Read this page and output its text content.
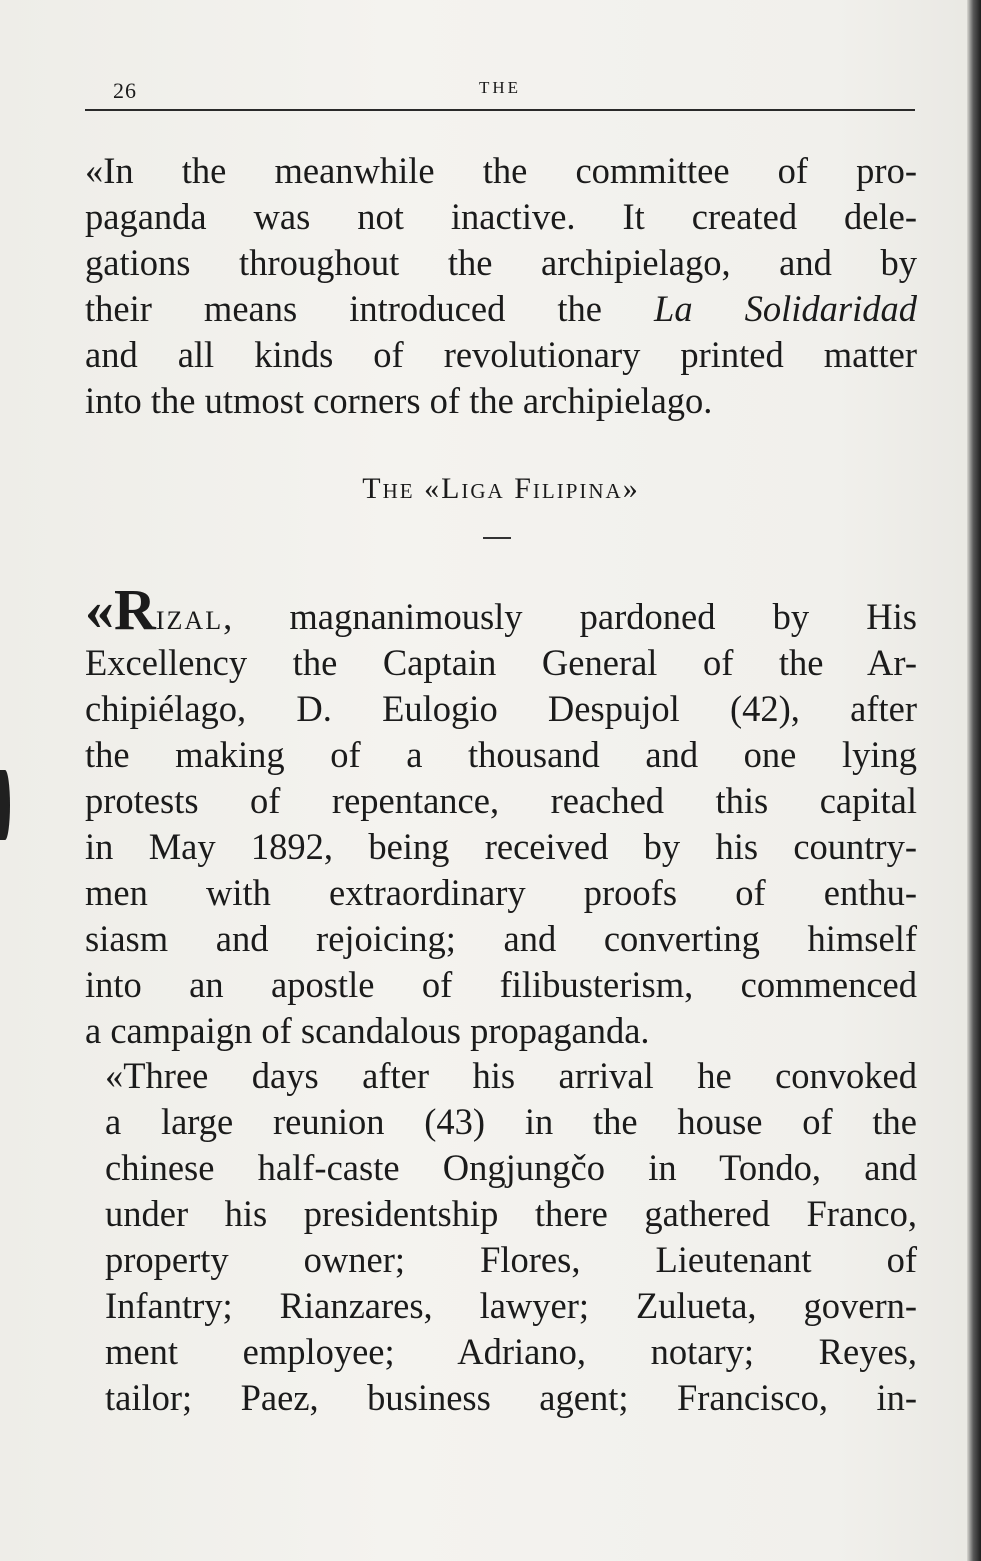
26	THE
«In the meanwhile the committee of pro-
paganda was not inactive. It created dele-
gations throughout the archipielago, and by
their means introduced the La Solidaridad
and all kinds of revolutionary printed matter
into the utmost corners of the archipielago.
The «Liga Filipina»
«Rizal, magnanimously pardoned by His
Excellency the Captain General of the Ar-
chipiélago, D. Eulogio Despujol (42), after
the making of a thousand and one lying
protests of repentance, reached this capital
in May 1892, being received by his country-
men with extraordinary proofs of enthu-
siasm and rejoicing; and converting himself
into an apostle of filibusterism, commenced
a campaign of scandalous propaganda.
«Three days after his arrival he convoked
a large reunion (43) in the house of the
chinese half-caste Ongjungčo in Tondo, and
under his presidentship there gathered Franco,
property owner; Flores, Lieutenant of
Infantry; Rianzares, lawyer; Zulueta, govern-
ment employee; Adriano, notary; Reyes,
tailor; Paez, business agent; Francisco, in-
